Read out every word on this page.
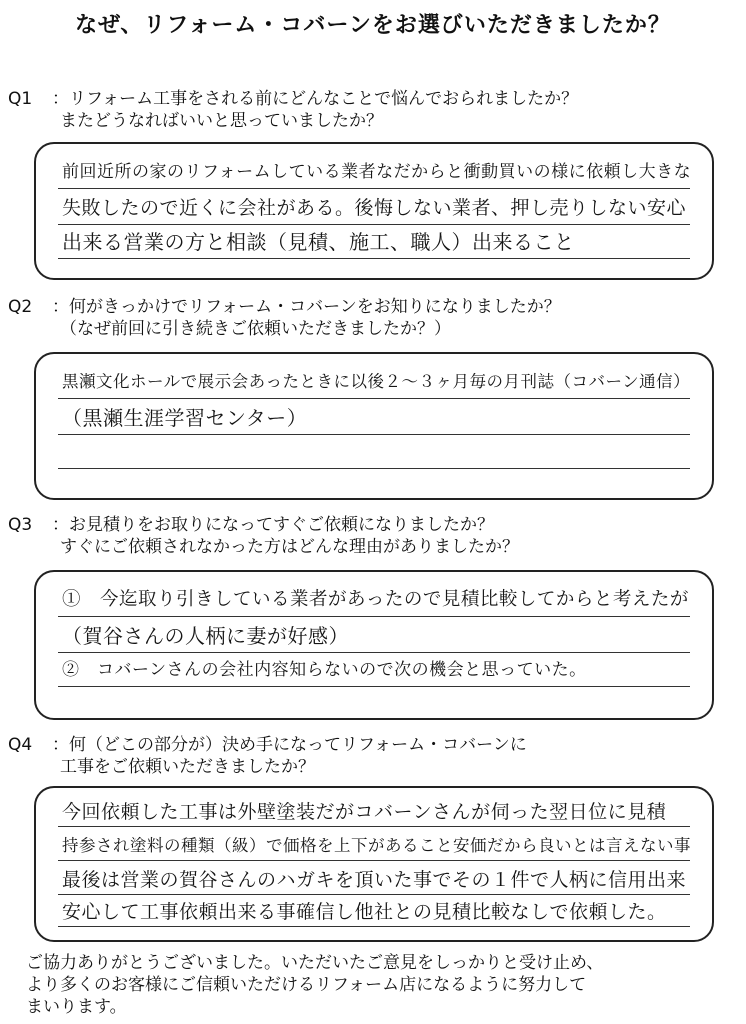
なぜ、リフォーム・コバーンをお選びいただきましたか？
Q1 ：リフォーム工事をされる前にどんなことで悩んでおられましたか？
またどうなればいいと思っていましたか？
前回近所の家のリフォームしている業者なだからと衝動買いの様に依頼し大きな
失敗したので近くに会社がある。後悔しない業者、押し売りしない安心
出来る営業の方と相談（見積、施工、職人）出来ること
Q2 ：何がきっかけでリフォーム・コバーンをお知りになりましたか？
（なぜ前回に引き続きご依頼いただきましたか？）
黒瀬文化ホールで展示会あったときに以後２～３ヶ月毎の月刊誌（コバーン通信）
（黒瀬生涯学習センター）
Q3 ：お見積りをお取りになってすぐご依頼になりましたか？
すぐにご依頼されなかった方はどんな理由がありましたか？
①　今迄取り引きしている業者があったので見積比較してからと考えたが
（賀谷さんの人柄に妻が好感）
②　コバーンさんの会社内容知らないので次の機会と思っていた。
Q4 ：何（どこの部分が）決め手になってリフォーム・コバーンに
工事をご依頼いただきましたか？
今回依頼した工事は外壁塗装だがコバーンさんが伺った翌日位に見積
持参され塗料の種類（級）で価格を上下があること安価だから良いとは言えない事
最後は営業の賀谷さんのハガキを頂いた事でその１件で人柄に信用出来
安心して工事依頼出来る事確信し他社との見積比較なしで依頼した。
ご協力ありがとうございました。いただいたご意見をしっかりと受け止め、
より多くのお客様にご信頼いただけるリフォーム店になるように努力して
まいります。
